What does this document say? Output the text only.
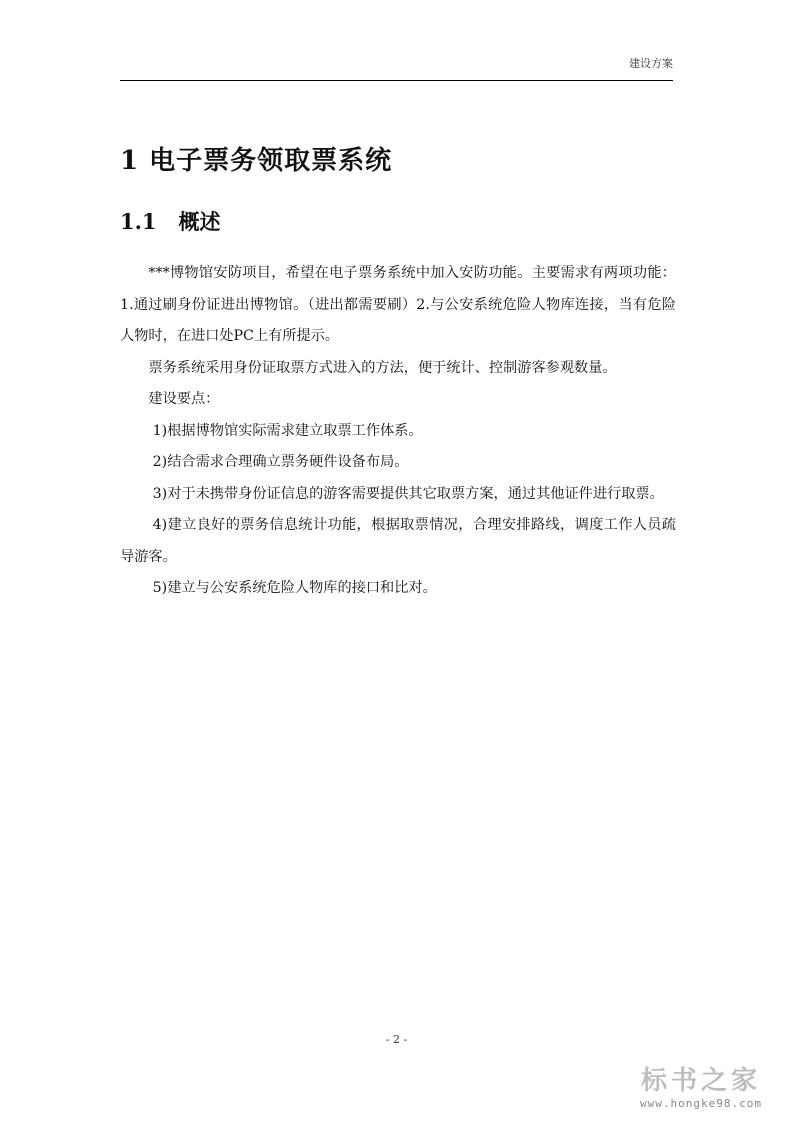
建设方案
1 电子票务领取票系统
1.1 概述

***博物馆安防项目，希望在电子票务系统中加入安防功能。主要需求有两项功能：1.通过刷身份证进出博物馆。（进出都需要刷）2.与公安系统危险人物库连接，当有危险人物时，在进口处PC上有所提示。

票务系统采用身份证取票方式进入的方法，便于统计、控制游客参观数量。

建设要点：

1)根据博物馆实际需求建立取票工作体系。

2)结合需求合理确立票务硬件设备布局。

3)对于未携带身份证信息的游客需要提供其它取票方案，通过其他证件进行取票。

4)建立良好的票务信息统计功能，根据取票情况，合理安排路线，调度工作人员疏导游客。

5)建立与公安系统危险人物库的接口和比对。

- 2 -
标书之家
www.hongke98.com
